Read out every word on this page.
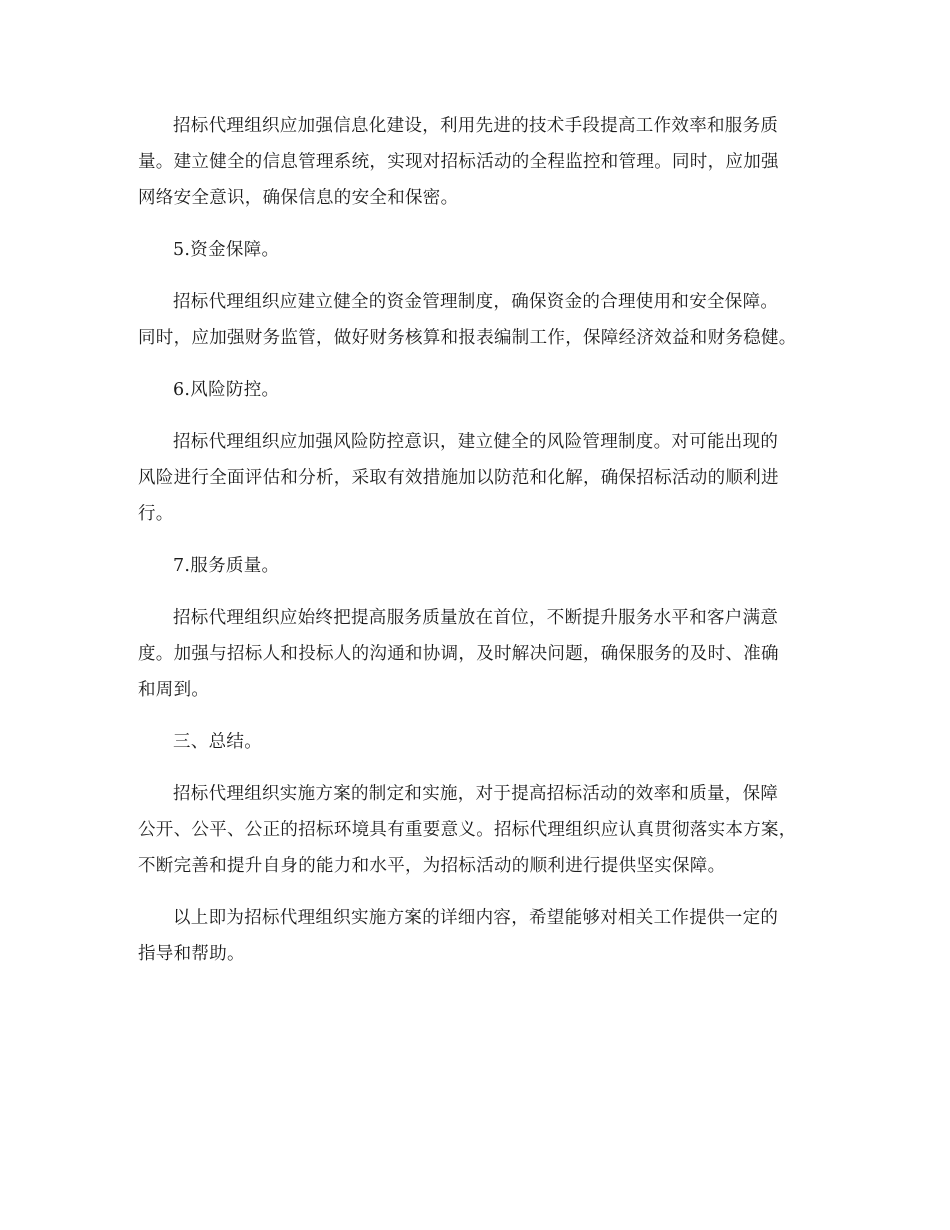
招标代理组织应加强信息化建设，利用先进的技术手段提高工作效率和服务质
量。建立健全的信息管理系统，实现对招标活动的全程监控和管理。同时，应加强
网络安全意识，确保信息的安全和保密。

5.资金保障。

招标代理组织应建立健全的资金管理制度，确保资金的合理使用和安全保障。
同时，应加强财务监管，做好财务核算和报表编制工作，保障经济效益和财务稳健。

6.风险防控。

招标代理组织应加强风险防控意识，建立健全的风险管理制度。对可能出现的
风险进行全面评估和分析，采取有效措施加以防范和化解，确保招标活动的顺利进
行。

7.服务质量。

招标代理组织应始终把提高服务质量放在首位，不断提升服务水平和客户满意
度。加强与招标人和投标人的沟通和协调，及时解决问题，确保服务的及时、准确
和周到。

三、总结。

招标代理组织实施方案的制定和实施，对于提高招标活动的效率和质量，保障
公开、公平、公正的招标环境具有重要意义。招标代理组织应认真贯彻落实本方案，
不断完善和提升自身的能力和水平，为招标活动的顺利进行提供坚实保障。

以上即为招标代理组织实施方案的详细内容，希望能够对相关工作提供一定的
指导和帮助。
